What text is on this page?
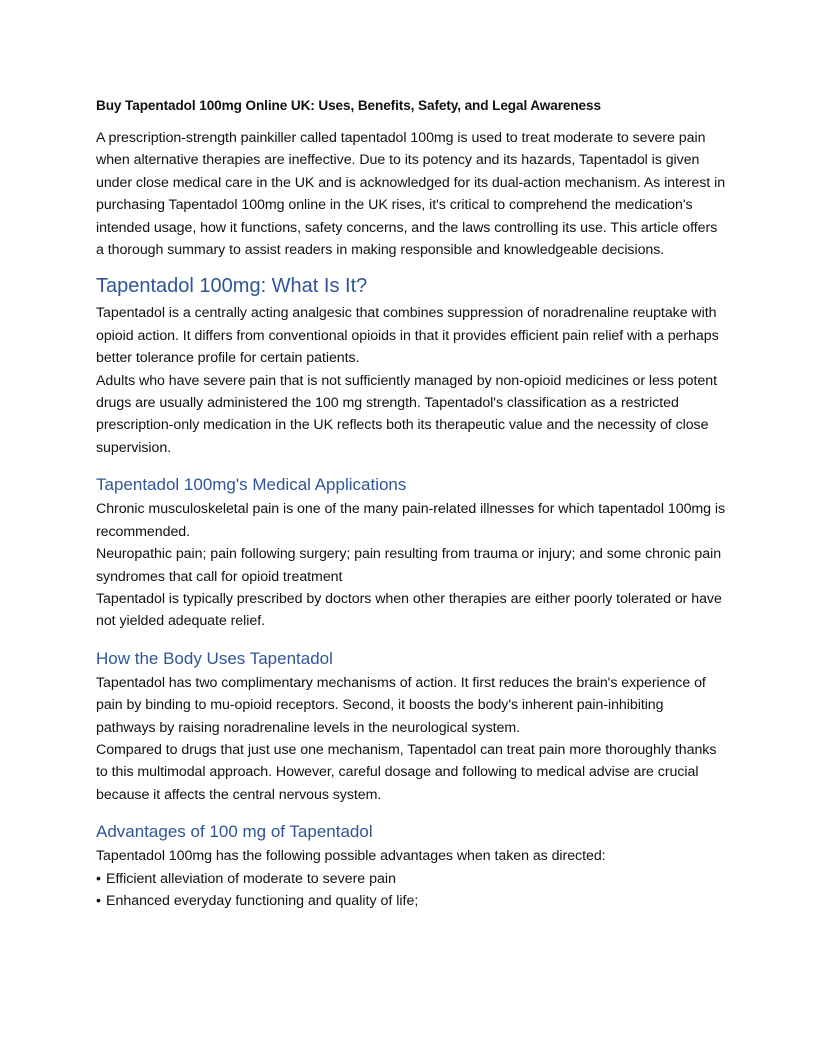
Buy Tapentadol 100mg Online UK: Uses, Benefits, Safety, and Legal Awareness

A prescription-strength painkiller called tapentadol 100mg is used to treat moderate to severe pain when alternative therapies are ineffective. Due to its potency and its hazards, Tapentadol is given under close medical care in the UK and is acknowledged for its dual-action mechanism. As interest in purchasing Tapentadol 100mg online in the UK rises, it's critical to comprehend the medication's intended usage, how it functions, safety concerns, and the laws controlling its use. This article offers a thorough summary to assist readers in making responsible and knowledgeable decisions.

Tapentadol 100mg: What Is It?

Tapentadol is a centrally acting analgesic that combines suppression of noradrenaline reuptake with opioid action. It differs from conventional opioids in that it provides efficient pain relief with a perhaps better tolerance profile for certain patients.

Adults who have severe pain that is not sufficiently managed by non-opioid medicines or less potent drugs are usually administered the 100 mg strength. Tapentadol's classification as a restricted prescription-only medication in the UK reflects both its therapeutic value and the necessity of close supervision.

Tapentadol 100mg's Medical Applications

Chronic musculoskeletal pain is one of the many pain-related illnesses for which tapentadol 100mg is recommended.

Neuropathic pain; pain following surgery; pain resulting from trauma or injury; and some chronic pain syndromes that call for opioid treatment

Tapentadol is typically prescribed by doctors when other therapies are either poorly tolerated or have not yielded adequate relief.

How the Body Uses Tapentadol

Tapentadol has two complimentary mechanisms of action. It first reduces the brain's experience of pain by binding to mu-opioid receptors. Second, it boosts the body's inherent pain-inhibiting pathways by raising noradrenaline levels in the neurological system.

Compared to drugs that just use one mechanism, Tapentadol can treat pain more thoroughly thanks to this multimodal approach. However, careful dosage and following to medical advise are crucial because it affects the central nervous system.

Advantages of 100 mg of Tapentadol

Tapentadol 100mg has the following possible advantages when taken as directed:

• Efficient alleviation of moderate to severe pain

• Enhanced everyday functioning and quality of life;
